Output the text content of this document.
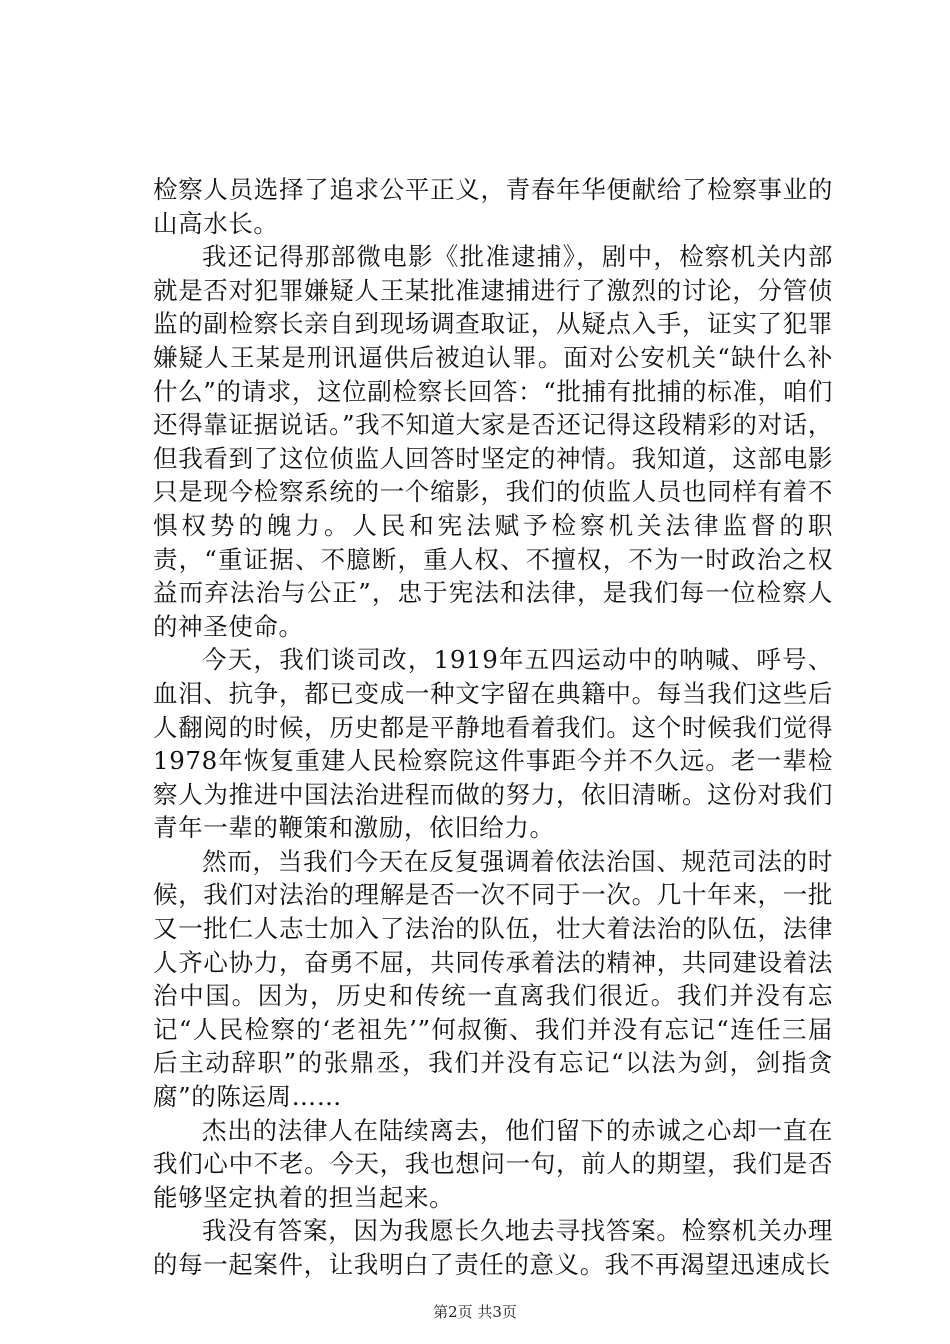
检察人员选择了追求公平正义，青春年华便献给了检察事业的山高水长。

我还记得那部微电影《批准逮捕》，剧中，检察机关内部就是否对犯罪嫌疑人王某批准逮捕进行了激烈的讨论，分管侦监的副检察长亲自到现场调查取证，从疑点入手，证实了犯罪嫌疑人王某是刑讯逼供后被迫认罪。面对公安机关“缺什么补什么”的请求，这位副检察长回答：“批捕有批捕的标准，咱们还得靠证据说话。”我不知道大家是否还记得这段精彩的对话，但我看到了这位侦监人回答时坚定的神情。我知道，这部电影只是现今检察系统的一个缩影，我们的侦监人员也同样有着不惧权势的魄力。人民和宪法赋予检察机关法律监督的职责，“重证据、不臆断，重人权、不擅权，不为一时政治之权益而弃法治与公正”，忠于宪法和法律，是我们每一位检察人的神圣使命。

今天，我们谈司改，1919年五四运动中的呐喊、呼号、血泪、抗争，都已变成一种文字留在典籍中。每当我们这些后人翻阅的时候，历史都是平静地看着我们。这个时候我们觉得1978年恢复重建人民检察院这件事距今并不久远。老一辈检察人为推进中国法治进程而做的努力，依旧清晰。这份对我们青年一辈的鞭策和激励，依旧给力。

然而，当我们今天在反复强调着依法治国、规范司法的时候，我们对法治的理解是否一次不同于一次。几十年来，一批又一批仁人志士加入了法治的队伍，壮大着法治的队伍，法律人齐心协力，奋勇不屈，共同传承着法的精神，共同建设着法治中国。因为，历史和传统一直离我们很近。我们并没有忘记“人民检察的‘老祖先’”何叔衡、我们并没有忘记“连任三届后主动辞职”的张鼎丞，我们并没有忘记“以法为剑，剑指贪腐”的陈运周……

杰出的法律人在陆续离去，他们留下的赤诚之心却一直在我们心中不老。今天，我也想问一句，前人的期望，我们是否能够坚定执着的担当起来。

我没有答案，因为我愿长久地去寻找答案。检察机关办理的每一起案件，让我明白了责任的意义。我不再渴望迅速成长

第2页 共3页
